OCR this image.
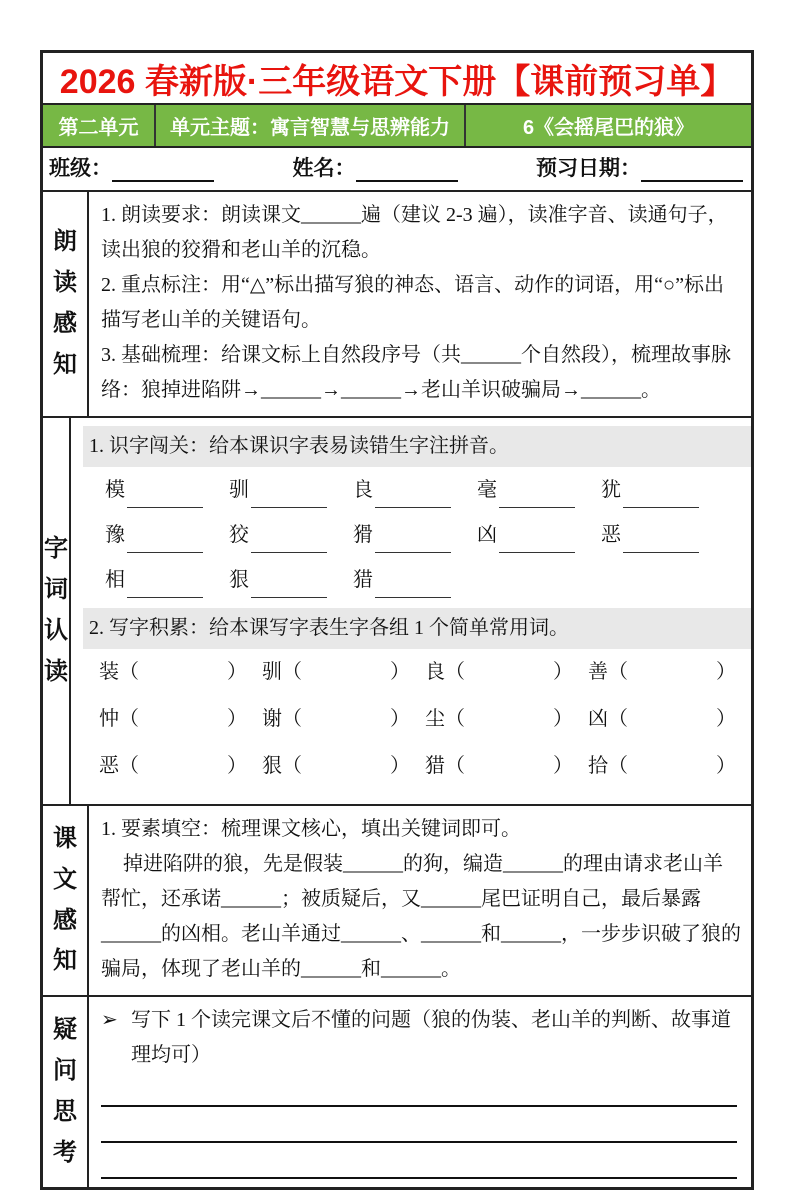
2026 春新版·三年级语文下册【课前预习单】
第二单元	单元主题：寓言智慧与思辨能力	6《会摇尾巴的狼》
班级：	姓名：	预习日期：
朗读感知

1. 朗读要求：朗读课文______遍（建议 2-3 遍），读准字音、读通句子，读出狼的狡猾和老山羊的沉稳。

2. 重点标注：用“△”标出描写狼的神态、语言、动作的词语，用“○”标出描写老山羊的关键语句。

3. 基础梳理：给课文标上自然段序号（共______个自然段），梳理故事脉络：狼掉进陷阱→______→______→老山羊识破骗局→______。

字词认读
1. 识字闯关：给本课识字表易读错生字注拼音。
模	驯	良	毫	犹
豫	狡	猾	凶	恶
相	狠	猎
2. 写字积累：给本课写字表生字各组 1 个简单常用词。
装 （	） 驯 （	） 良 （	） 善 （	）
忡 （	） 谢 （	） 尘 （	） 凶 （	）
恶 （	） 狠 （	） 猎 （	） 拾 （	）
课文感知

1. 要素填空：梳理课文核心，填出关键词即可。

掉进陷阱的狼，先是假装______的狗，编造______的理由请求老山羊帮忙，还承诺______；被质疑后，又______尾巴证明自己，最后暴露______的凶相。老山羊通过______、______和______，一步步识破了狼的骗局，体现了老山羊的______和______。

疑问思考
➢ 写下 1 个读完课文后不懂的问题（狼的伪装、老山羊的判断、故事道理均可）
